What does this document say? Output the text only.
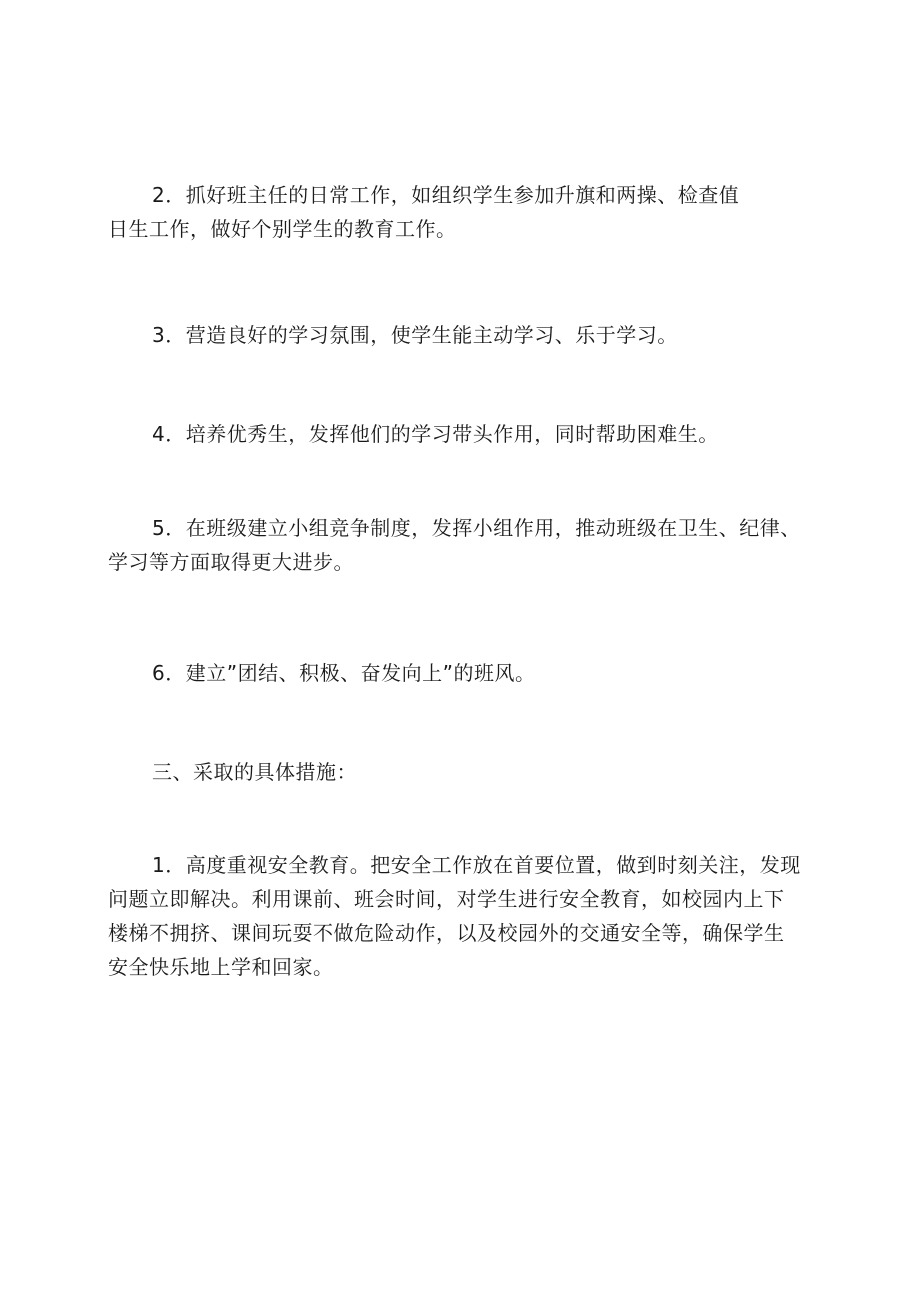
2．抓好班主任的日常工作，如组织学生参加升旗和两操、检查值
日生工作，做好个别学生的教育工作。

3．营造良好的学习氛围，使学生能主动学习、乐于学习。

4．培养优秀生，发挥他们的学习带头作用，同时帮助困难生。

5．在班级建立小组竞争制度，发挥小组作用，推动班级在卫生、纪律、
学习等方面取得更大进步。

6．建立”团结、积极、奋发向上”的班风。

三、采取的具体措施：

1．高度重视安全教育。把安全工作放在首要位置，做到时刻关注，发现
问题立即解决。利用课前、班会时间，对学生进行安全教育，如校园内上下
楼梯不拥挤、课间玩耍不做危险动作，以及校园外的交通安全等，确保学生
安全快乐地上学和回家。
